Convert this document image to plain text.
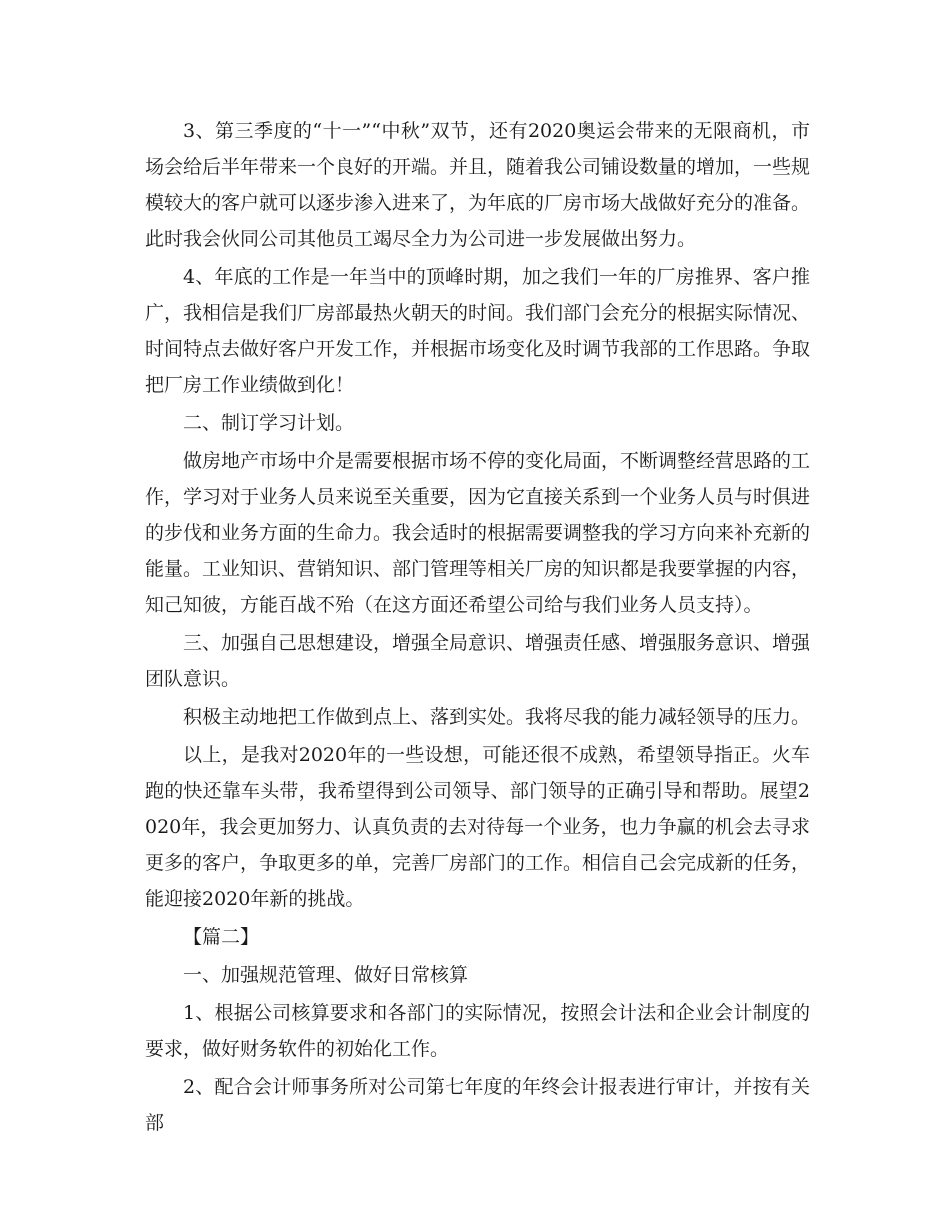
3、第三季度的“十一”“中秋”双节，还有2020奥运会带来的无限商机，市场会给后半年带来一个良好的开端。并且，随着我公司铺设数量的增加，一些规模较大的客户就可以逐步渗入进来了，为年底的厂房市场大战做好充分的准备。此时我会伙同公司其他员工竭尽全力为公司进一步发展做出努力。

4、年底的工作是一年当中的顶峰时期，加之我们一年的厂房推界、客户推广，我相信是我们厂房部最热火朝天的时间。我们部门会充分的根据实际情况、时间特点去做好客户开发工作，并根据市场变化及时调节我部的工作思路。争取把厂房工作业绩做到化！

二、制订学习计划。

做房地产市场中介是需要根据市场不停的变化局面，不断调整经营思路的工作，学习对于业务人员来说至关重要，因为它直接关系到一个业务人员与时俱进的步伐和业务方面的生命力。我会适时的根据需要调整我的学习方向来补充新的能量。工业知识、营销知识、部门管理等相关厂房的知识都是我要掌握的内容，知己知彼，方能百战不殆（在这方面还希望公司给与我们业务人员支持）。

三、加强自己思想建设，增强全局意识、增强责任感、增强服务意识、增强团队意识。

积极主动地把工作做到点上、落到实处。我将尽我的能力减轻领导的压力。

以上，是我对2020年的一些设想，可能还很不成熟，希望领导指正。火车跑的快还靠车头带，我希望得到公司领导、部门领导的正确引导和帮助。展望2020年，我会更加努力、认真负责的去对待每一个业务，也力争赢的机会去寻求更多的客户，争取更多的单，完善厂房部门的工作。相信自己会完成新的任务，能迎接2020年新的挑战。

【篇二】

一、加强规范管理、做好日常核算

1、根据公司核算要求和各部门的实际情况，按照会计法和企业会计制度的要求，做好财务软件的初始化工作。

2、配合会计师事务所对公司第七年度的年终会计报表进行审计，并按有关部
